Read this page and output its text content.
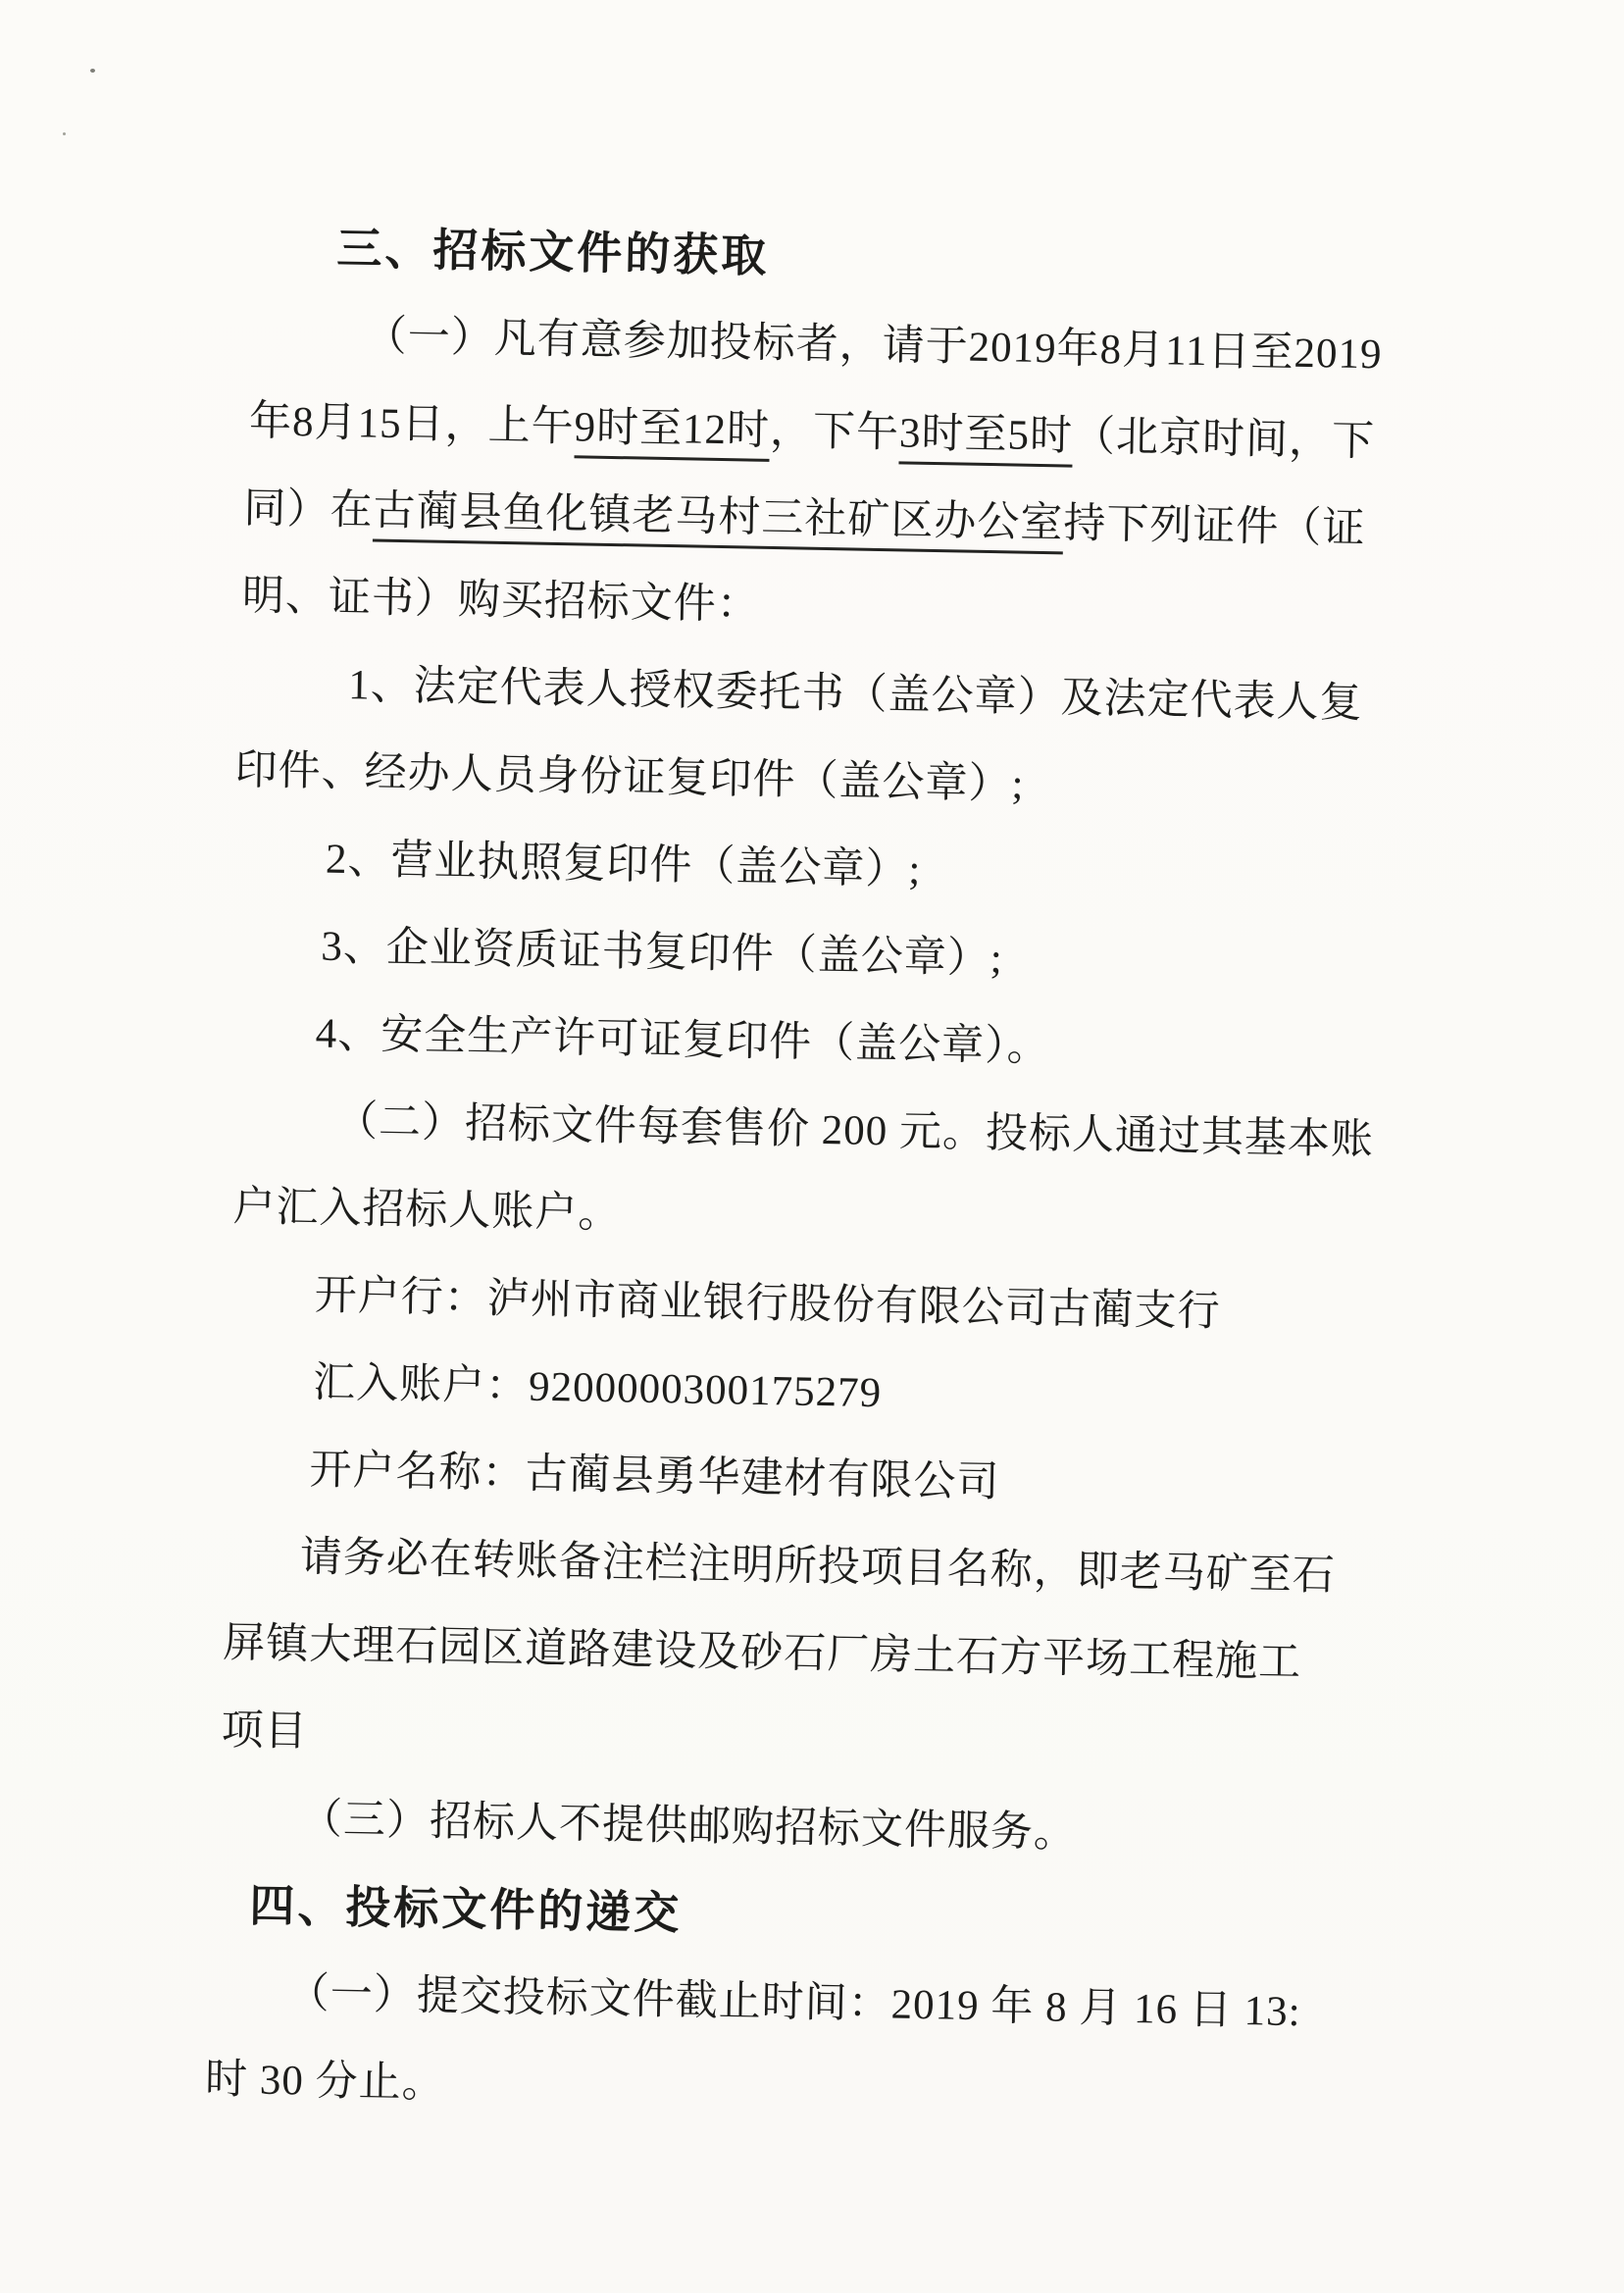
三、招标文件的获取
（一）凡有意参加投标者，请于2019年8月11日至2019
年8月15日，上午9时至12时，下午3时至5时（北京时间，下
同）在古蔺县鱼化镇老马村三社矿区办公室持下列证件（证
明、证书）购买招标文件：
1、法定代表人授权委托书（盖公章）及法定代表人复
印件、经办人员身份证复印件（盖公章）;
2、营业执照复印件（盖公章）;
3、企业资质证书复印件（盖公章）;
4、安全生产许可证复印件（盖公章）。
（二）招标文件每套售价 200 元。投标人通过其基本账
户汇入招标人账户。
开户行：泸州市商业银行股份有限公司古蔺支行
汇入账户：9200000300175279
开户名称：古蔺县勇华建材有限公司
请务必在转账备注栏注明所投项目名称，即老马矿至石
屏镇大理石园区道路建设及砂石厂房土石方平场工程施工
项目
（三）招标人不提供邮购招标文件服务。
四、投标文件的递交
（一）提交投标文件截止时间：2019 年 8 月 16 日 13:
时 30 分止。
